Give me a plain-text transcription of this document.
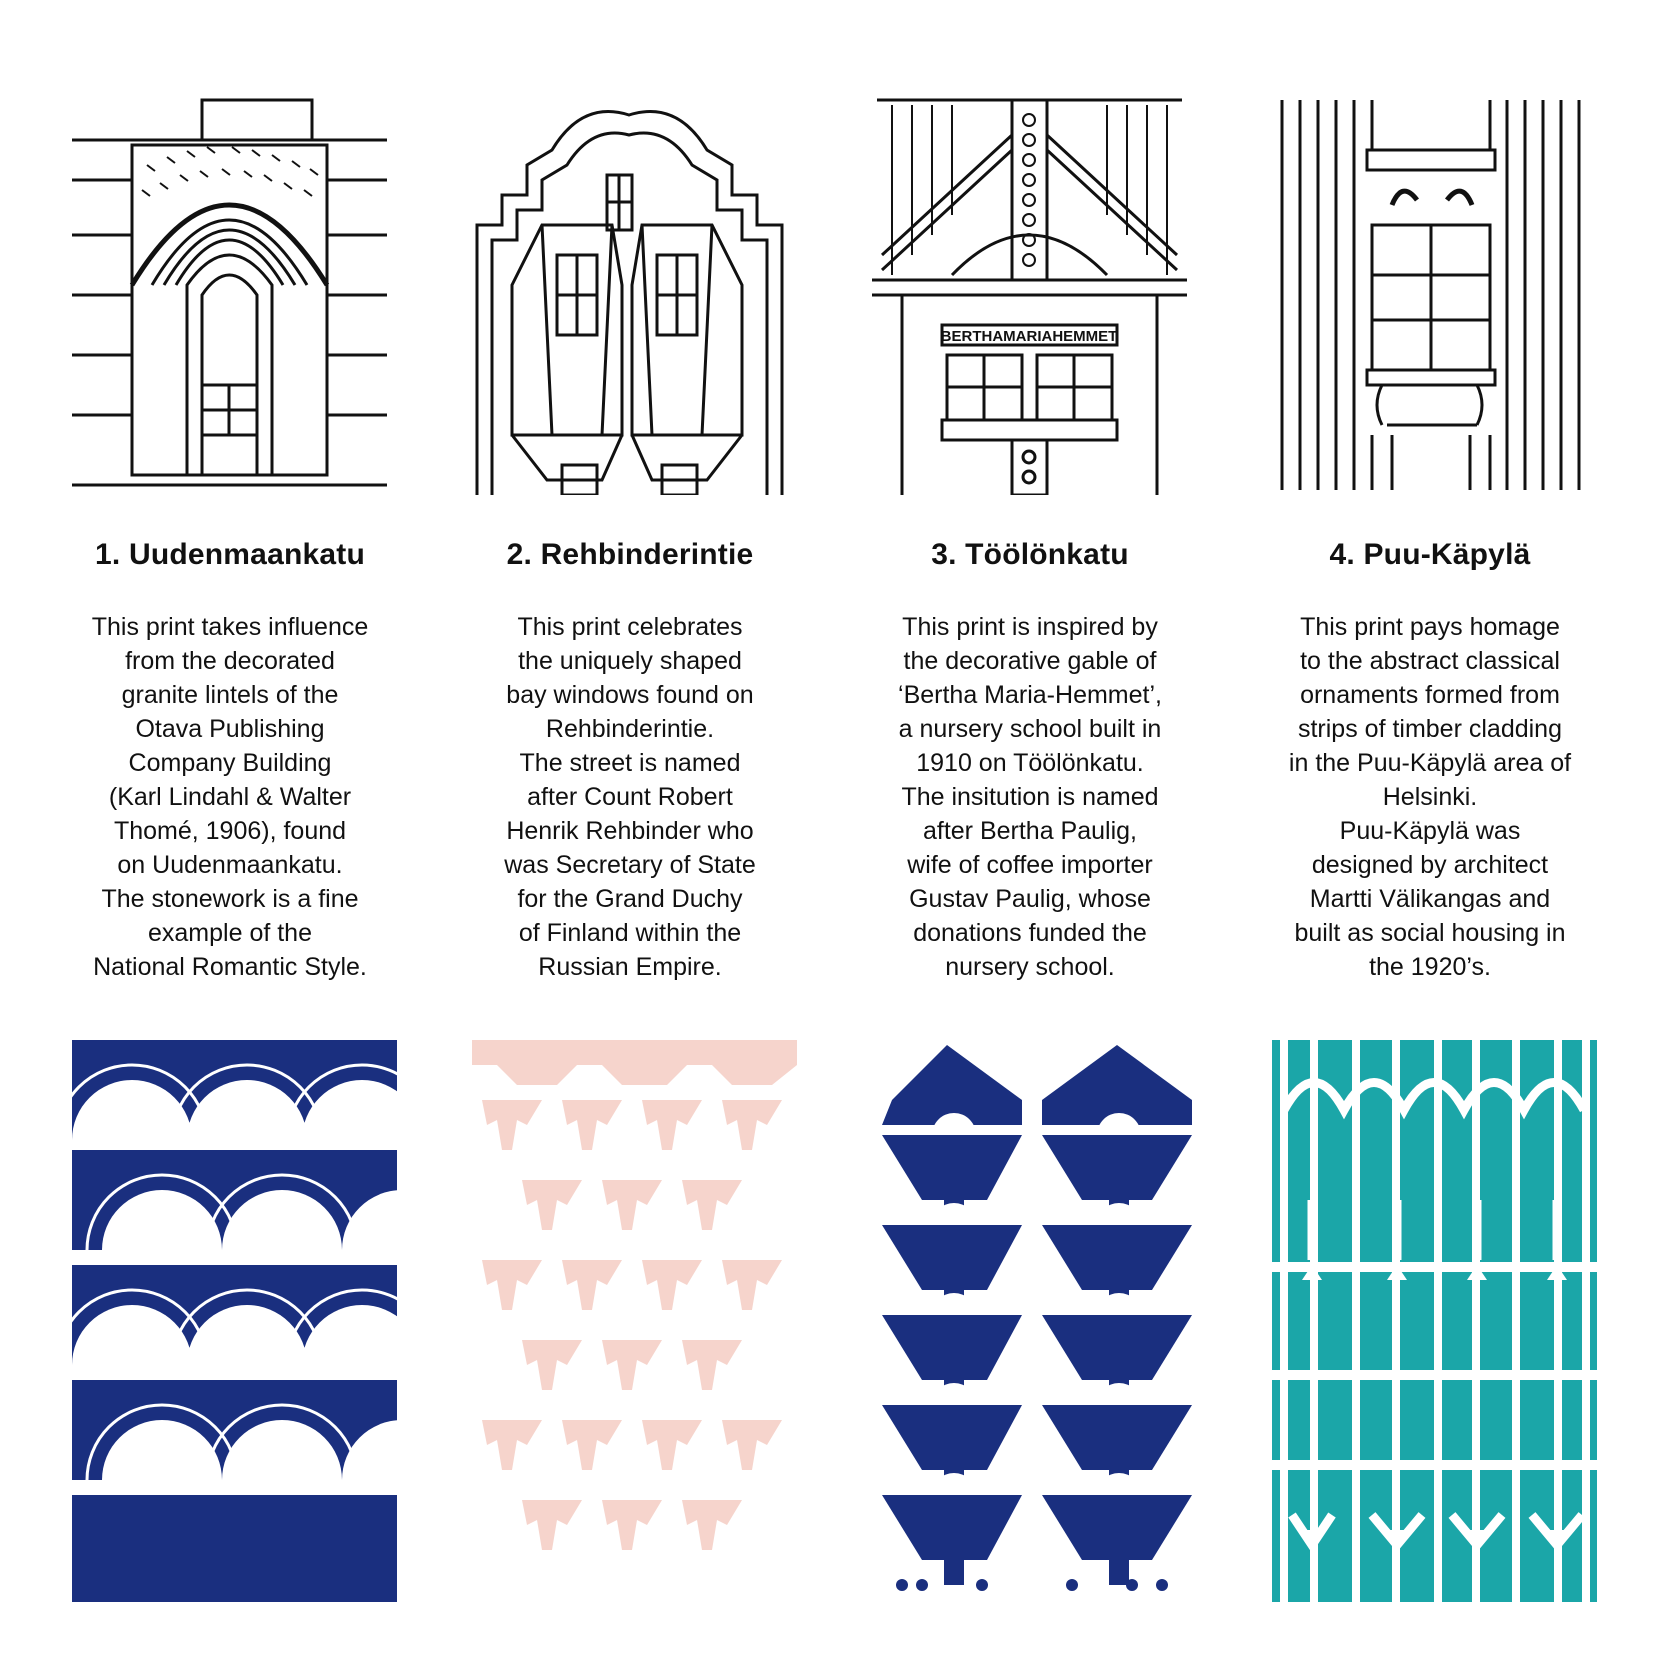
1. Uudenmaankatu
This print takes influence
from the decorated
granite lintels of the
Otava Publishing
Company Building
(Karl Lindahl & Walter
Thomé, 1906), found
on Uudenmaankatu.
The stonework is a fine
example of the
National Romantic Style.
2. Rehbinderintie
This print celebrates
the uniquely shaped
bay windows found on
Rehbinderintie.
The street is named
after Count Robert
Henrik Rehbinder who
was Secretary of State
for the Grand Duchy
of Finland within the
Russian Empire.
BERTHAMARIAHEMMET
3. Töölönkatu
This print is inspired by
the decorative gable of
‘Bertha Maria-Hemmet’,
a nursery school built in
1910 on Töölönkatu.
The insitution is named
after Bertha Paulig,
wife of coffee importer
Gustav Paulig, whose
donations funded the
nursery school.
4. Puu-Käpylä
This print pays homage
to the abstract classical
ornaments formed from
strips of timber cladding
in the Puu-Käpylä area of
Helsinki.
Puu-Käpylä was
designed by architect
Martti Välikangas and
built as social housing in
the 1920’s.
